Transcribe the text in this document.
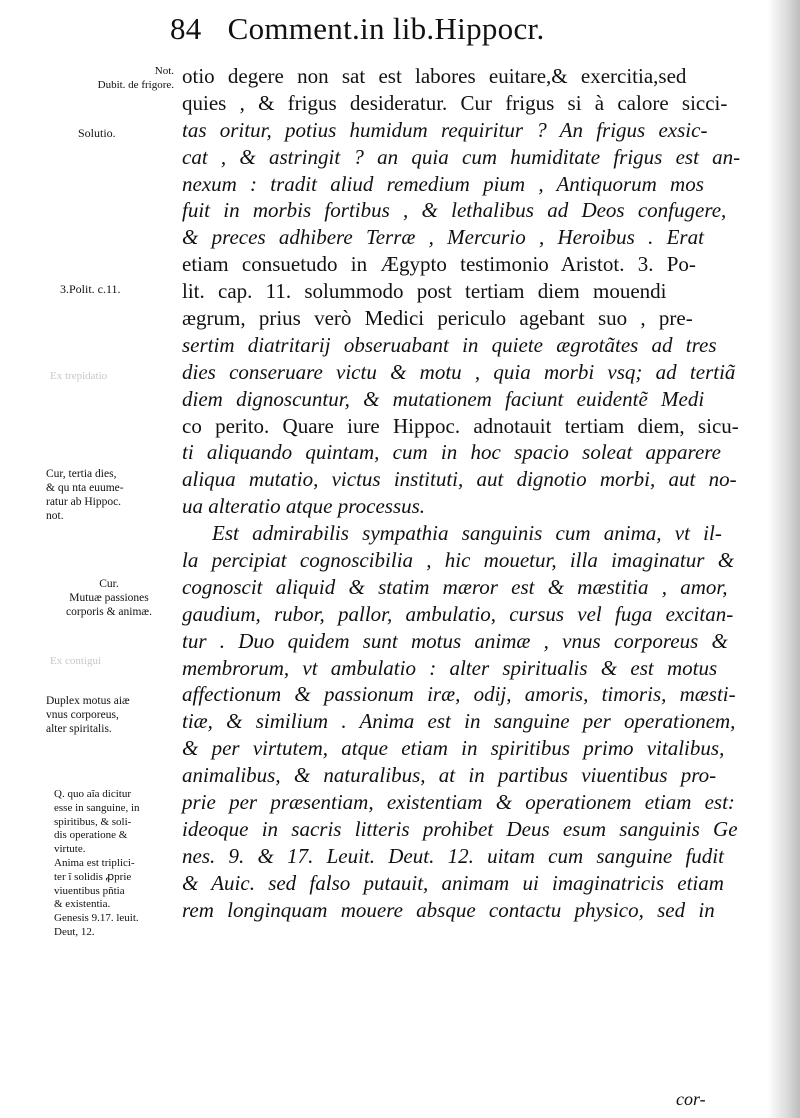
84 Comment.in lib.Hippocr.
Ex trepidatio
Ex contigui
Not.
Dubit. de frigore.
Solutio.
3.Polit. c.11.
Cur, tertia dies,
& qu nta euume-
ratur ab Hippoc.
not.
Cur.
Mutuæ passiones
corporis & animæ.
Duplex motus aiæ
vnus corporeus,
alter spiritalis.
Q. quo aĩa dicitur
esse in sanguine, in
spiritibus, & soli-
dis operatione &
virtute.
Anima est triplici-
ter ĩ solidis ꝓprie
viuentibus pñtia
& existentia.
Genesis 9.17. leuit.
Deut, 12.
otio degere non sat est labores euitare,& exercitia,sed
quies , & frigus desideratur. Cur frigus si à calore sicci-
tas oritur, potius humidum requiritur ? An frigus exsic-
cat , & astringit ? an quia cum humiditate frigus est an-
nexum : tradit aliud remedium pium , Antiquorum mos
fuit in morbis fortibus , & lethalibus ad Deos confugere,
& preces adhibere Terræ , Mercurio , Heroibus . Erat
etiam consuetudo in Ægypto testimonio Aristot. 3. Po-
lit. cap. 11. solummodo post tertiam diem mouendi
ægrum, prius verò Medici periculo agebant suo , pre-
sertim diatritarij obseruabant in quiete ægrotãtes ad tres
dies conseruare victu & motu , quia morbi vsq; ad tertiã
diem dignoscuntur, & mutationem faciunt euidentẽ Medi
co perito. Quare iure Hippoc. adnotauit tertiam diem, sicu-
ti aliquando quintam, cum in hoc spacio soleat apparere
aliqua mutatio, victus instituti, aut dignotio morbi, aut no-
ua alteratio atque processus.
Est admirabilis sympathia sanguinis cum anima, vt il-
la percipiat cognoscibilia , hic mouetur, illa imaginatur &
cognoscit aliquid & statim mæror est & mæstitia , amor,
gaudium, rubor, pallor, ambulatio, cursus vel fuga excitan-
tur . Duo quidem sunt motus animæ , vnus corporeus &
membrorum, vt ambulatio : alter spiritualis & est motus
affectionum & passionum iræ, odij, amoris, timoris, mæsti-
tiæ, & similium . Anima est in sanguine per operationem,
& per virtutem, atque etiam in spiritibus primo vitalibus,
animalibus, & naturalibus, at in partibus viuentibus pro-
prie per præsentiam, existentiam & operationem etiam est:
ideoque in sacris litteris prohibet Deus esum sanguinis Ge
nes. 9. & 17. Leuit. Deut. 12. uitam cum sanguine fudit
& Auic. sed falso putauit, animam ui imaginatricis etiam
rem longinquam mouere absque contactu physico, sed in
cor-
